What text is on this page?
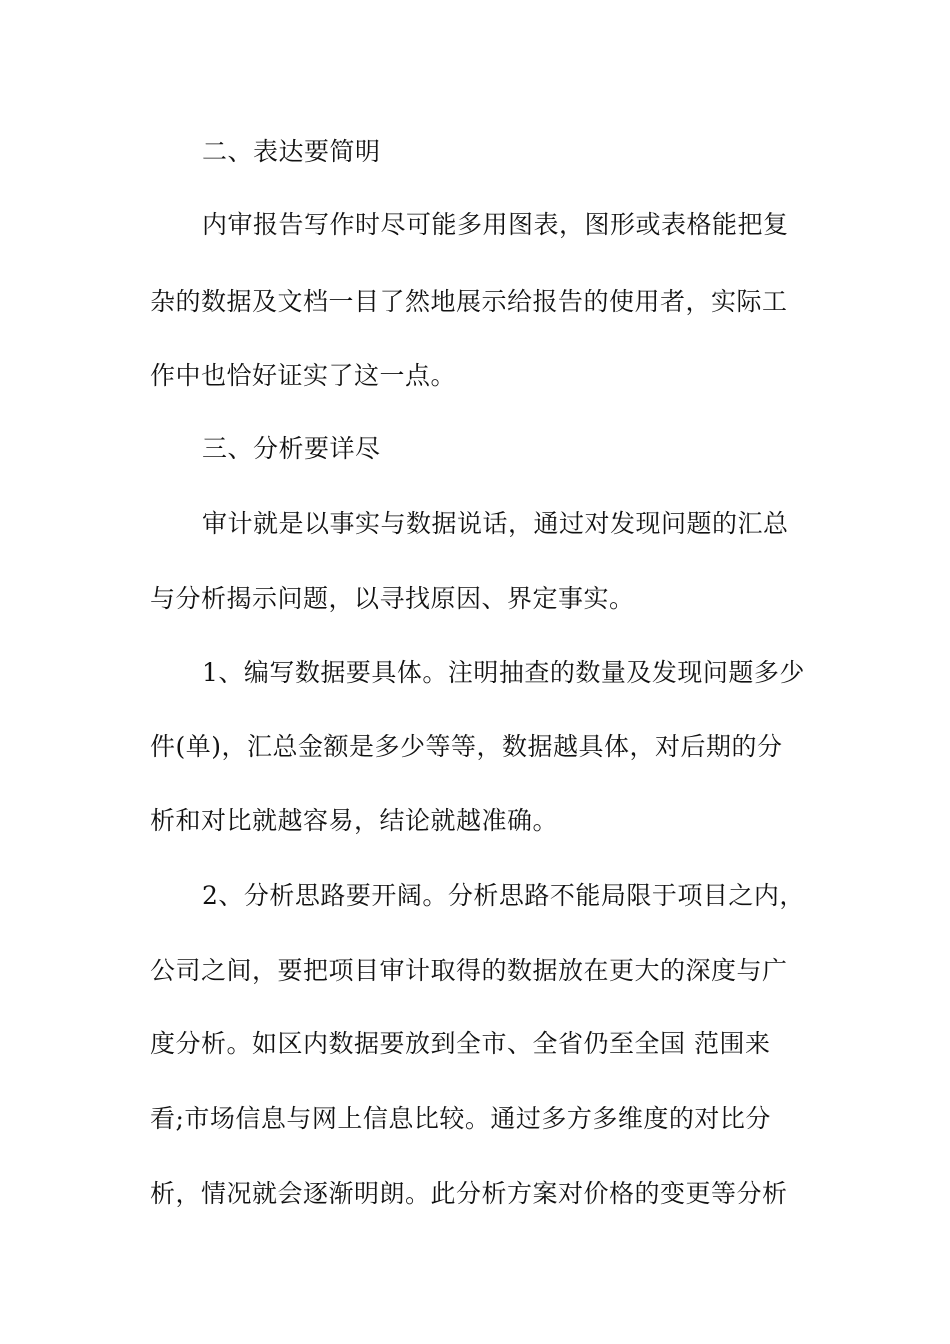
二、表达要简明
内审报告写作时尽可能多用图表，图形或表格能把复
杂的数据及文档一目了然地展示给报告的使用者，实际工
作中也恰好证实了这一点。
三、分析要详尽
审计就是以事实与数据说话，通过对发现问题的汇总
与分析揭示问题，以寻找原因、界定事实。
1、编写数据要具体。注明抽查的数量及发现问题多少
件(单)，汇总金额是多少等等，数据越具体，对后期的分
析和对比就越容易，结论就越准确。
2、分析思路要开阔。分析思路不能局限于项目之内，
公司之间，要把项目审计取得的数据放在更大的深度与广
度分析。如区内数据要放到全市、全省仍至全国 范围来
看;市场信息与网上信息比较。通过多方多维度的对比分
析，情况就会逐渐明朗。此分析方案对价格的变更等分析
